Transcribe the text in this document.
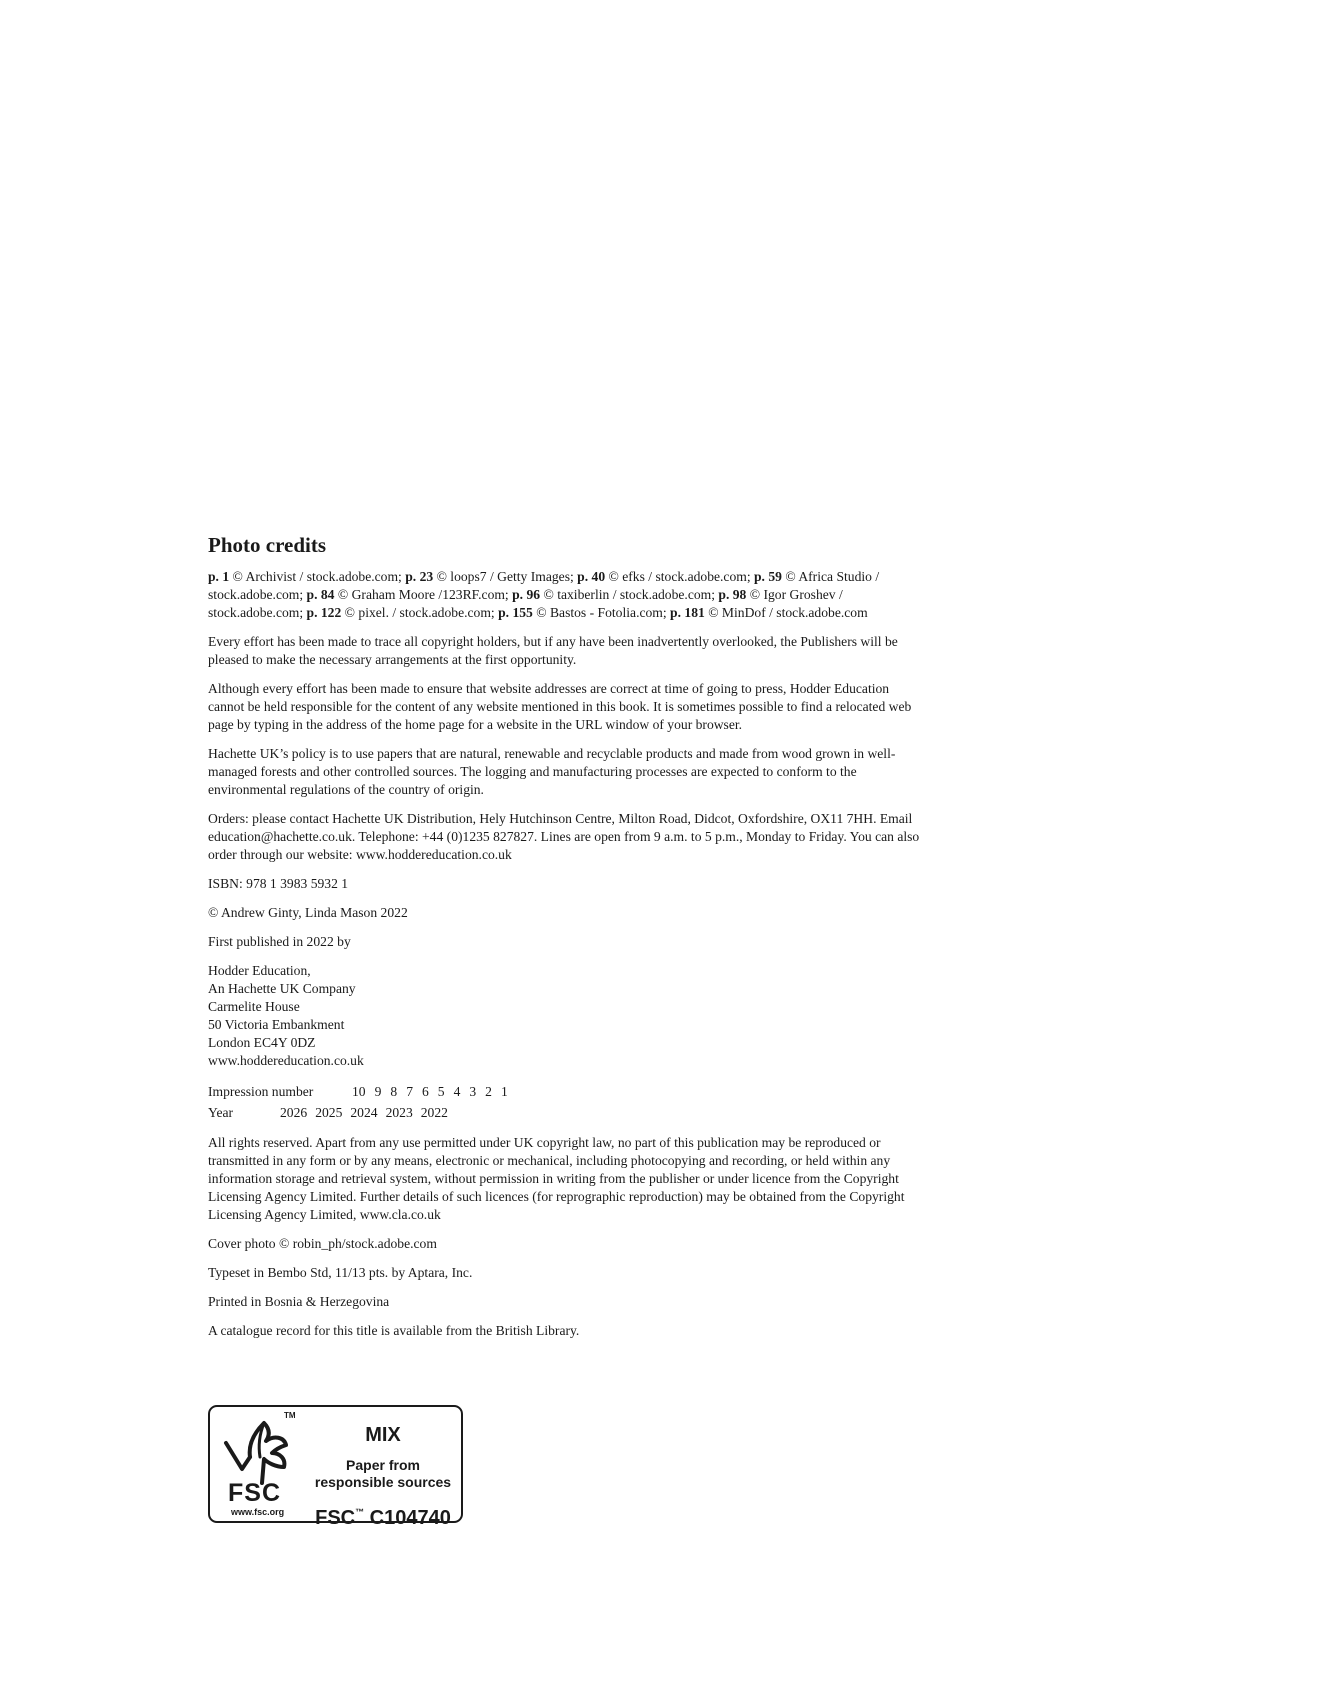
Photo credits

p. 1 © Archivist / stock.adobe.com; p. 23 © loops7 / Getty Images; p. 40 © efks / stock.adobe.com; p. 59 © Africa Studio / stock.adobe.com; p. 84 © Graham Moore /123RF.com; p. 96 © taxiberlin / stock.adobe.com; p. 98 © Igor Groshev / stock.adobe.com; p. 122 © pixel. / stock.adobe.com; p. 155 © Bastos - Fotolia.com; p. 181 © MinDof / stock.adobe.com

Every effort has been made to trace all copyright holders, but if any have been inadvertently overlooked, the Publishers will be pleased to make the necessary arrangements at the first opportunity.

Although every effort has been made to ensure that website addresses are correct at time of going to press, Hodder Education cannot be held responsible for the content of any website mentioned in this book. It is sometimes possible to find a relocated web page by typing in the address of the home page for a website in the URL window of your browser.

Hachette UK’s policy is to use papers that are natural, renewable and recyclable products and made from wood grown in well-managed forests and other controlled sources. The logging and manufacturing processes are expected to conform to the environmental regulations of the country of origin.

Orders: please contact Hachette UK Distribution, Hely Hutchinson Centre, Milton Road, Didcot, Oxfordshire, OX11 7HH. Email education@hachette.co.uk. Telephone: +44 (0)1235 827827. Lines are open from 9 a.m. to 5 p.m., Monday to Friday. You can also order through our website: www.hoddereducation.co.uk

ISBN: 978 1 3983 5932 1

© Andrew Ginty, Linda Mason 2022

First published in 2022 by

Hodder Education,
An Hachette UK Company
Carmelite House
50 Victoria Embankment
London EC4Y 0DZ
www.hoddereducation.co.uk

Impression number	10 9 8 7 6 5 4 3 2 1
Year	2026 2025 2024 2023 2022

All rights reserved. Apart from any use permitted under UK copyright law, no part of this publication may be reproduced or transmitted in any form or by any means, electronic or mechanical, including photocopying and recording, or held within any information storage and retrieval system, without permission in writing from the publisher or under licence from the Copyright Licensing Agency Limited. Further details of such licences (for reprographic reproduction) may be obtained from the Copyright Licensing Agency Limited, www.cla.co.uk

Cover photo © robin_ph/stock.adobe.com

Typeset in Bembo Std, 11/13 pts. by Aptara, Inc.

Printed in Bosnia & Herzegovina

A catalogue record for this title is available from the British Library.

TM
FSC
www.fsc.org
MIX
Paper from
responsible sources
FSC™ C104740
